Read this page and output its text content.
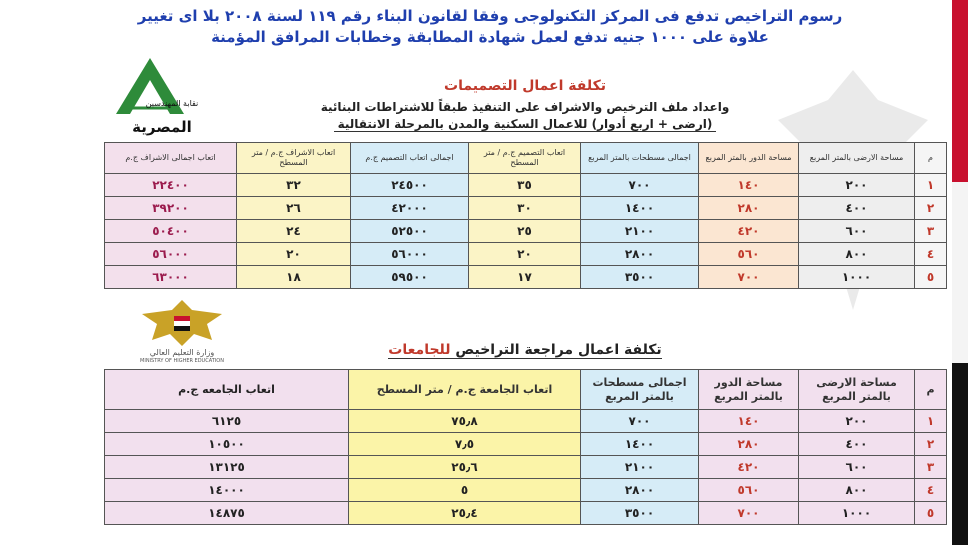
رسوم التراخيص تدفع فى المركز التكنولوجى وفقا لقانون البناء رقم ١١٩ لسنة ٢٠٠٨ بلا اى تغيير
علاوة على ١٠٠٠ جنيه تدفع لعمل شهادة المطابقة وخطابات المرافق المؤمنة
نقابة المهندسين
المصرية
تكلفة اعمال التصميمات
واعداد ملف الترخيص والاشراف على التنفيذ طبقاً للاشتراطات البنائية
(ارضى + اربع أدوار) للاعمال السكنية والمدن بالمرحلة الانتقالية
م	مساحة الارضى بالمتر المربع	مساحة الدور بالمتر المربع	اجمالى مسطحات بالمتر المربع	اتعاب التصميم ج.م / متر المسطح	اجمالى اتعاب التصميم ج.م	اتعاب الاشراف ج.م / متر المسطح	اتعاب اجمالى الاشراف ج.م
١	٢٠٠	١٤٠	٧٠٠	٣٥	٢٤٥٠٠	٣٢	٢٢٤٠٠
٢	٤٠٠	٢٨٠	١٤٠٠	٣٠	٤٢٠٠٠	٢٦	٣٩٢٠٠
٣	٦٠٠	٤٢٠	٢١٠٠	٢٥	٥٢٥٠٠	٢٤	٥٠٤٠٠
٤	٨٠٠	٥٦٠	٢٨٠٠	٢٠	٥٦٠٠٠	٢٠	٥٦٠٠٠
٥	١٠٠٠	٧٠٠	٣٥٠٠	١٧	٥٩٥٠٠	١٨	٦٣٠٠٠
وزارة التعليم العالي
MINISTRY OF HIGHER EDUCATION
تكلفة اعمال مراجعة التراخيص للجامعات
م	مساحة الارضى بالمتر المربع	مساحة الدور بالمتر المربع	اجمالى مسطحات بالمتر المربع	اتعاب الجامعة ج.م / متر المسطح	اتعاب الجامعه ج.م
١	٢٠٠	١٤٠	٧٠٠	٧٥٫٨	٦١٢٥
٢	٤٠٠	٢٨٠	١٤٠٠	٧٫٥	١٠٥٠٠
٣	٦٠٠	٤٢٠	٢١٠٠	٢٥٫٦	١٣١٢٥
٤	٨٠٠	٥٦٠	٢٨٠٠	٥	١٤٠٠٠
٥	١٠٠٠	٧٠٠	٣٥٠٠	٢٥٫٤	١٤٨٧٥
